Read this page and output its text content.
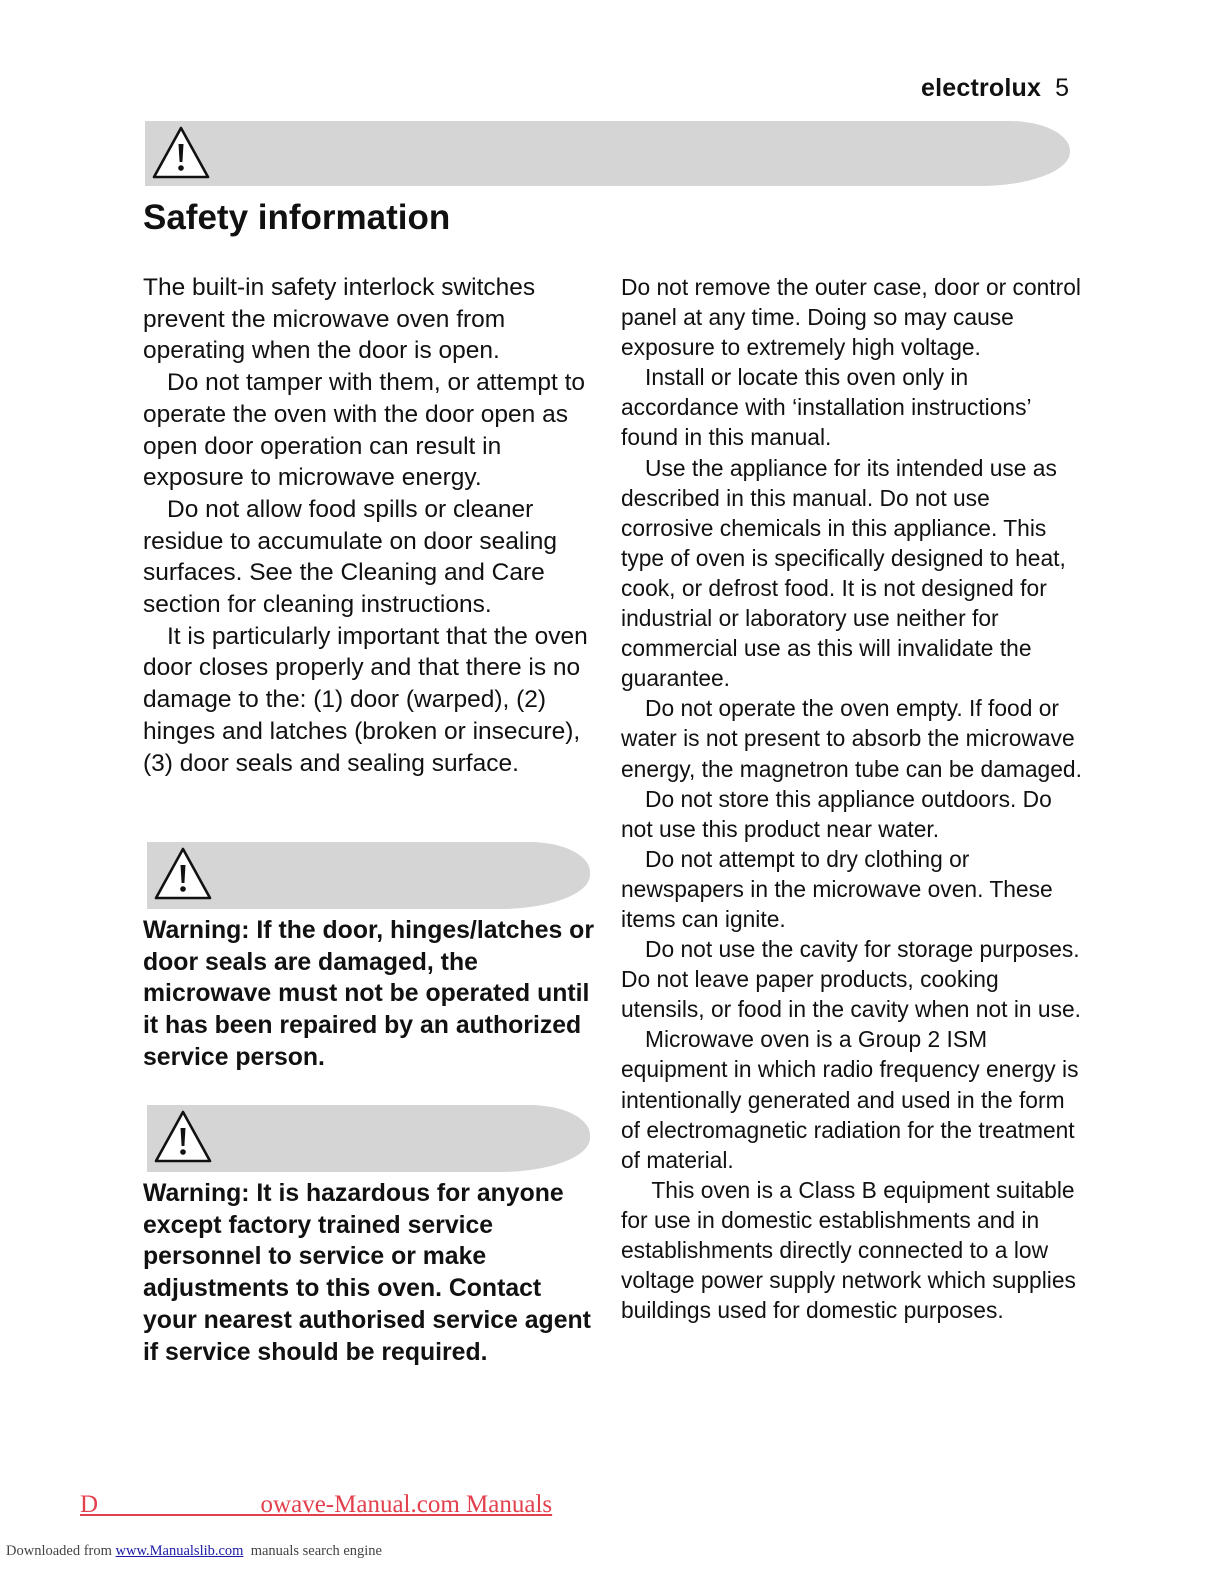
electrolux 5
Safety information

The built-in safety interlock switches prevent the microwave oven from operating when the door is open.

Do not tamper with them, or attempt to operate the oven with the door open as open door operation can result in exposure to microwave energy.

Do not allow food spills or cleaner residue to accumulate on door sealing surfaces. See the Cleaning and Care section for cleaning instructions.

It is particularly important that the oven door closes properly and that there is no damage to the: (1) door (warped), (2) hinges and latches (broken or insecure), (3) door seals and sealing surface.

Warning: If the door, hinges/latches or door seals are damaged, the microwave must not be operated until it has been repaired by an authorized service person.

Warning: It is hazardous for anyone except factory trained service personnel to service or make adjustments to this oven. Contact your nearest authorised service agent if service should be required.

Do not remove the outer case, door or control panel at any time. Doing so may cause exposure to extremely high voltage.

Install or locate this oven only in accordance with ‘installation instructions’ found in this manual.

Use the appliance for its intended use as described in this manual. Do not use corrosive chemicals in this appliance. This type of oven is specifically designed to heat, cook, or defrost food. It is not designed for industrial or laboratory use neither for commercial use as this will invalidate the guarantee.

Do not operate the oven empty. If food or water is not present to absorb the microwave energy, the magnetron tube can be damaged.

Do not store this appliance outdoors. Do not use this product near water.

Do not attempt to dry clothing or newspapers in the microwave oven. These items can ignite.

Do not use the cavity for storage purposes. Do not leave paper products, cooking utensils, or food in the cavity when not in use.

Microwave oven is a Group 2 ISM equipment in which radio frequency energy is intentionally generated and used in the form of electromagnetic radiation for the treatment of material.

This oven is a Class B equipment suitable for use in domestic establishments and in establishments directly connected to a low voltage power supply network which supplies buildings used for domestic purposes.

D                          owave-Manual.com Manuals
Downloaded from www.Manualslib.com  manuals search engine
